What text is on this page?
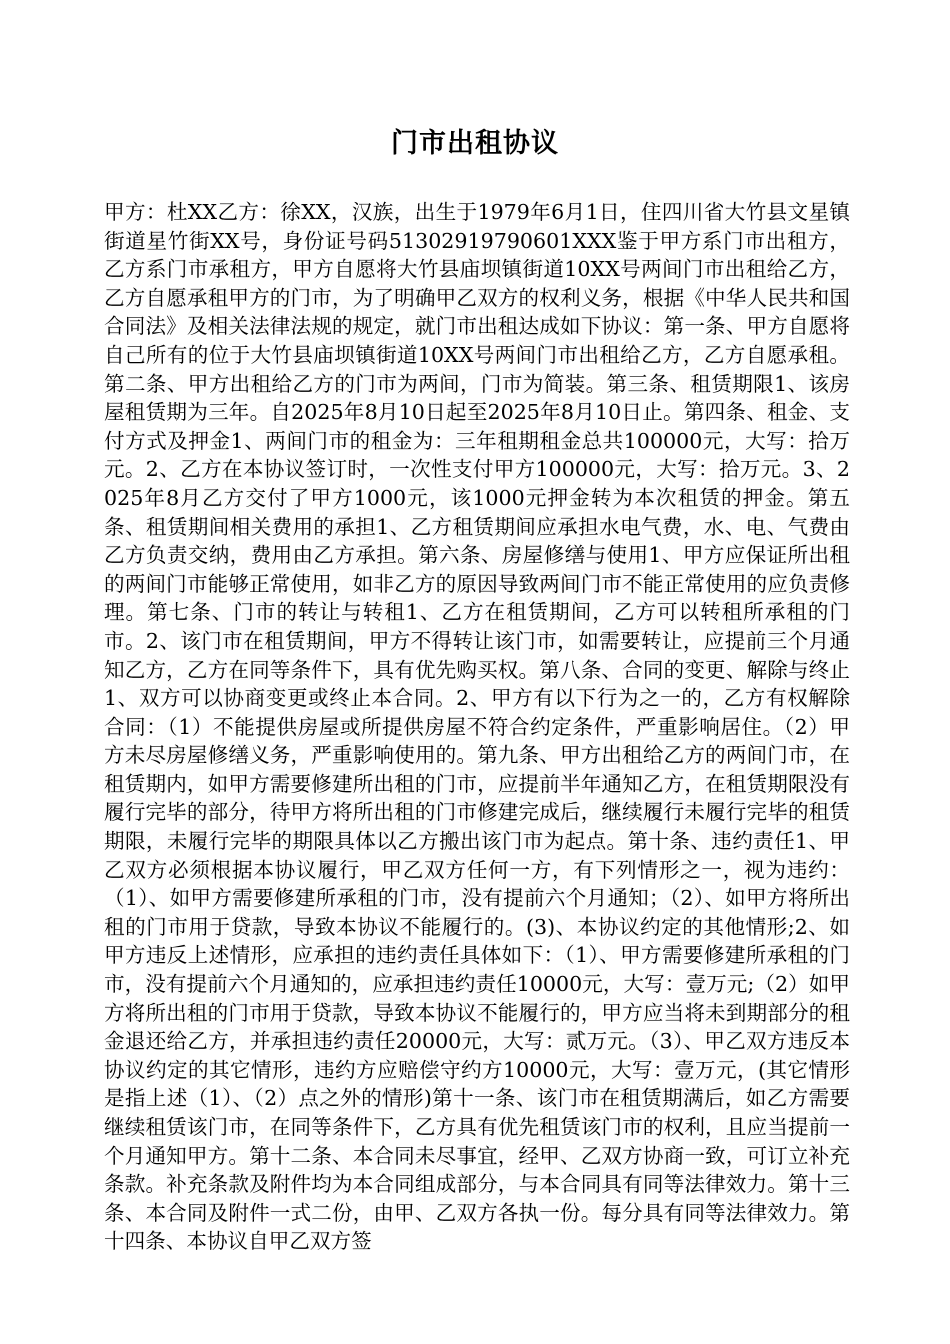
门市出租协议

甲方：杜XX乙方：徐XX，汉族，出生于1979年6月1日，住四川省大竹县文星镇街道星竹街XX号，身份证号码51302919790601XXX鉴于甲方系门市出租方，乙方系门市承租方，甲方自愿将大竹县庙坝镇街道10XX号两间门市出租给乙方，乙方自愿承租甲方的门市，为了明确甲乙双方的权利义务，根据《中华人民共和国合同法》及相关法律法规的规定，就门市出租达成如下协议：第一条、甲方自愿将自己所有的位于大竹县庙坝镇街道10XX号两间门市出租给乙方，乙方自愿承租。第二条、甲方出租给乙方的门市为两间，门市为简装。第三条、租赁期限1、该房屋租赁期为三年。自2025年8月10日起至2025年8月10日止。第四条、租金、支付方式及押金1、两间门市的租金为：三年租期租金总共100000元，大写：拾万元。2、乙方在本协议签订时，一次性支付甲方100000元，大写：拾万元。3、2025年8月乙方交付了甲方1000元，该1000元押金转为本次租赁的押金。第五条、租赁期间相关费用的承担1、乙方租赁期间应承担水电气费，水、电、气费由乙方负责交纳，费用由乙方承担。第六条、房屋修缮与使用1、甲方应保证所出租的两间门市能够正常使用，如非乙方的原因导致两间门市不能正常使用的应负责修理。第七条、门市的转让与转租1、乙方在租赁期间，乙方可以转租所承租的门市。2、该门市在租赁期间，甲方不得转让该门市，如需要转让，应提前三个月通知乙方，乙方在同等条件下，具有优先购买权。第八条、合同的变更、解除与终止1、双方可以协商变更或终止本合同。2、甲方有以下行为之一的，乙方有权解除合同：（1）不能提供房屋或所提供房屋不符合约定条件，严重影响居住。（2）甲方未尽房屋修缮义务，严重影响使用的。第九条、甲方出租给乙方的两间门市，在租赁期内，如甲方需要修建所出租的门市，应提前半年通知乙方，在租赁期限没有履行完毕的部分，待甲方将所出租的门市修建完成后，继续履行未履行完毕的租赁期限，未履行完毕的期限具体以乙方搬出该门市为起点。第十条、违约责任1、甲乙双方必须根据本协议履行，甲乙双方任何一方，有下列情形之一，视为违约：（1）、如甲方需要修建所承租的门市，没有提前六个月通知；（2）、如甲方将所出租的门市用于贷款，导致本协议不能履行的。(3)、本协议约定的其他情形;2、如甲方违反上述情形，应承担的违约责任具体如下：（1）、甲方需要修建所承租的门市，没有提前六个月通知的，应承担违约责任10000元，大写：壹万元;（2）如甲方将所出租的门市用于贷款，导致本协议不能履行的，甲方应当将未到期部分的租金退还给乙方，并承担违约责任20000元，大写：贰万元。（3）、甲乙双方违反本协议约定的其它情形，违约方应赔偿守约方10000元，大写：壹万元，(其它情形是指上述（1）、（2）点之外的情形)第十一条、该门市在租赁期满后，如乙方需要继续租赁该门市，在同等条件下，乙方具有优先租赁该门市的权利，且应当提前一个月通知甲方。第十二条、本合同未尽事宜，经甲、乙双方协商一致，可订立补充条款。补充条款及附件均为本合同组成部分，与本合同具有同等法律效力。第十三条、本合同及附件一式二份，由甲、乙双方各执一份。每分具有同等法律效力。第十四条、本协议自甲乙双方签
